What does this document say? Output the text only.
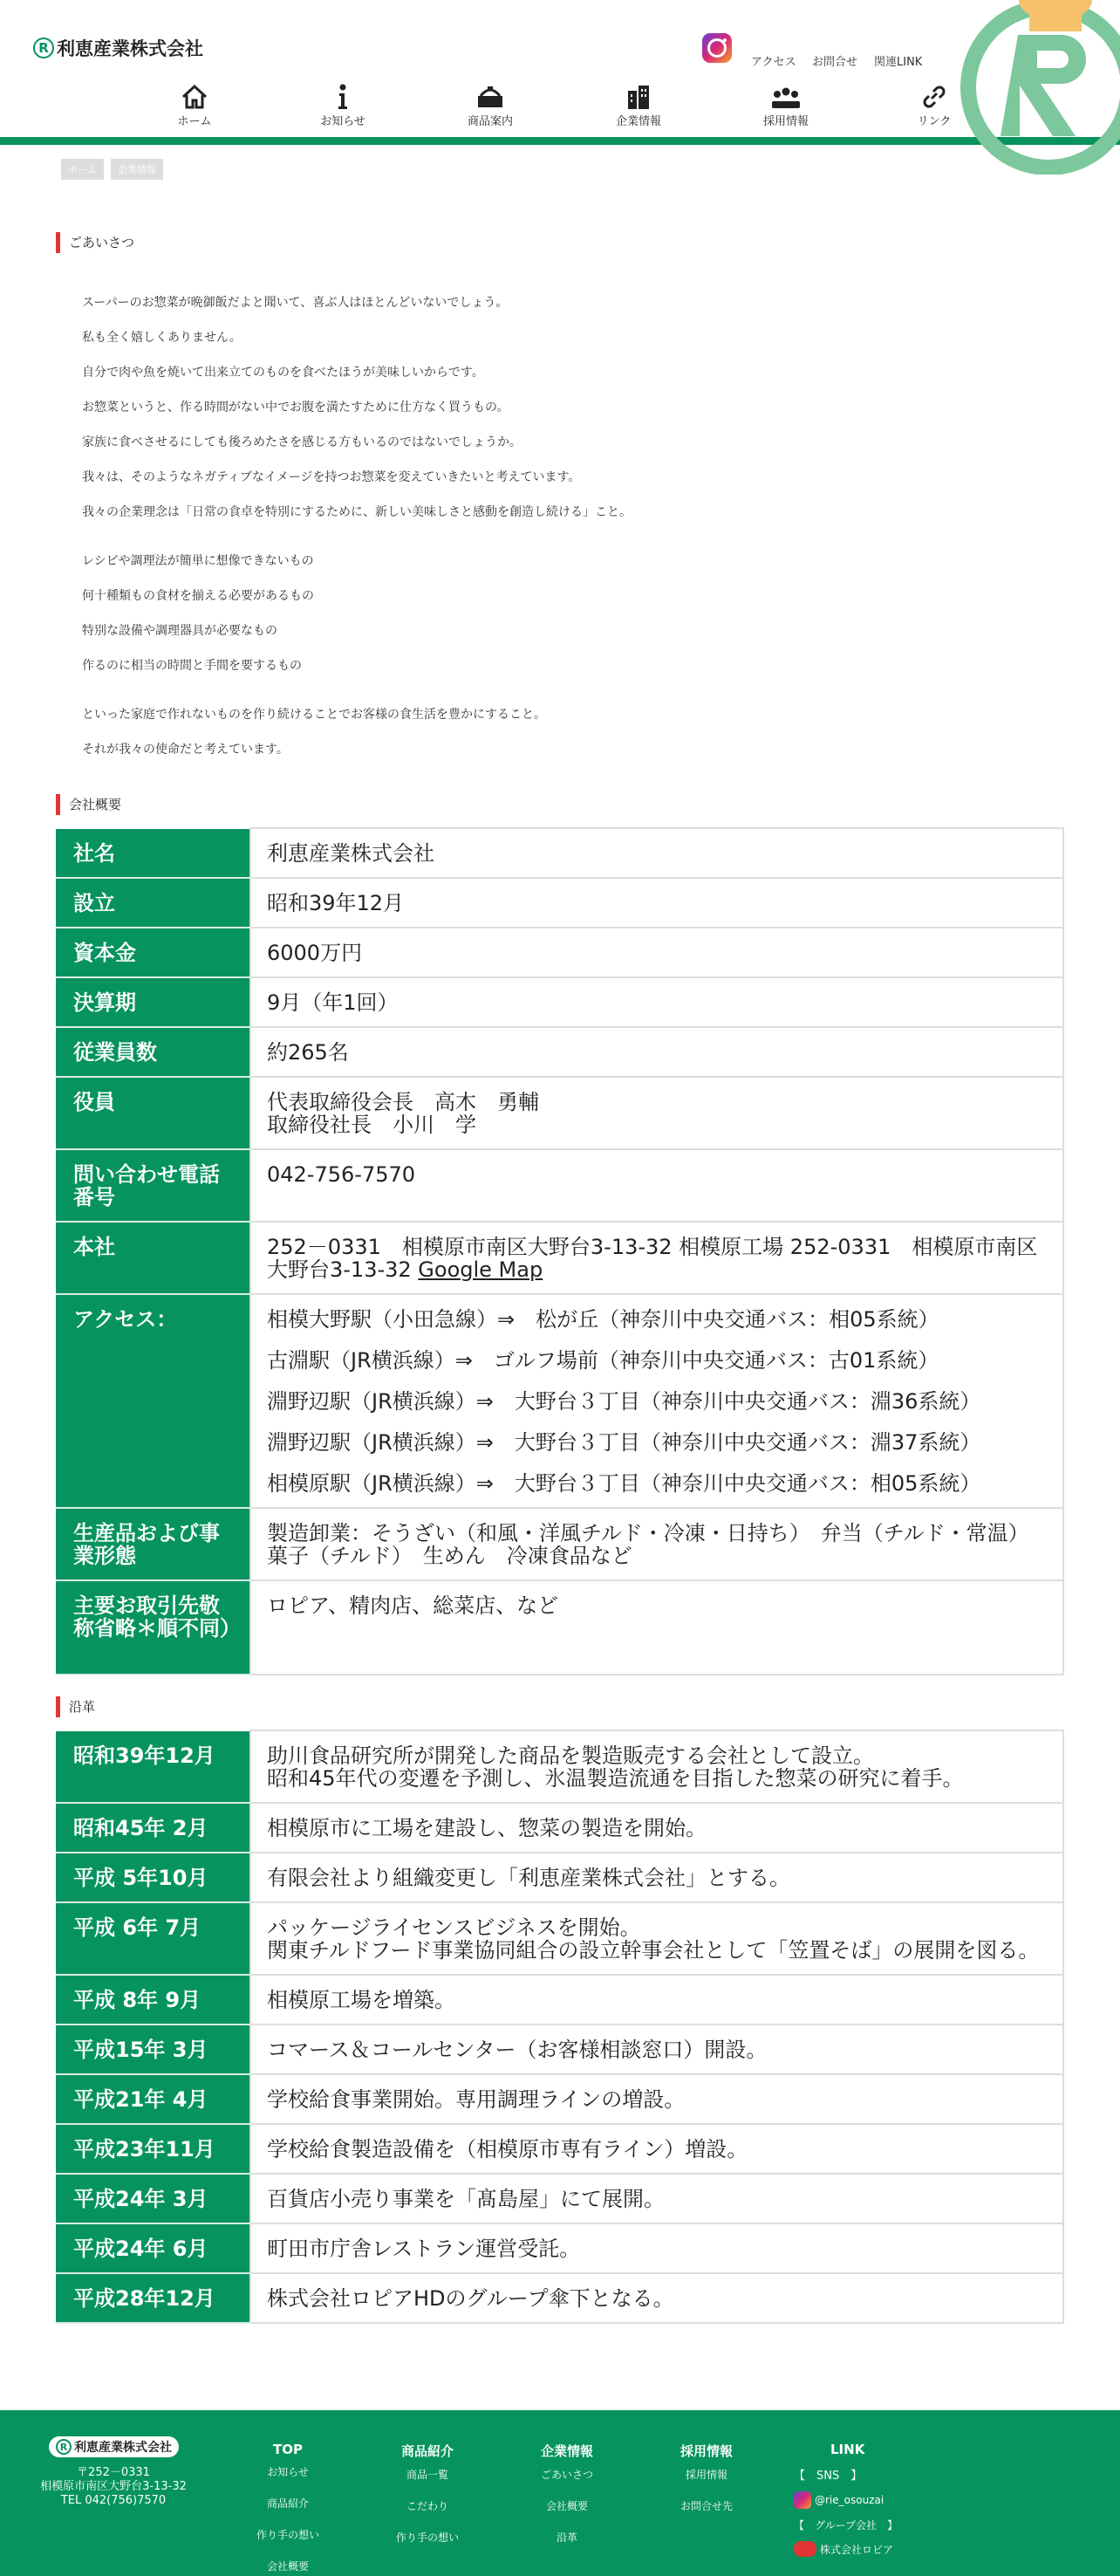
R 利恵産業株式会社
アクセス お問合せ 関連LINK
ホーム	お知らせ	商品案内	企業情報	採用情報	リンク
ホーム	企業情報
ごあいさつ
スーパーのお惣菜が晩御飯だよと聞いて、喜ぶ人はほとんどいないでしょう。
私も全く嬉しくありません。
自分で肉や魚を焼いて出来立てのものを食べたほうが美味しいからです。
お惣菜というと、作る時間がない中でお腹を満たすために仕方なく買うもの。
家族に食べさせるにしても後ろめたさを感じる方もいるのではないでしょうか。
我々は、そのようなネガティブなイメージを持つお惣菜を変えていきたいと考えています。
我々の企業理念は「日常の食卓を特別にするために、新しい美味しさと感動を創造し続ける」こと。
レシピや調理法が簡単に想像できないもの
何十種類もの食材を揃える必要があるもの
特別な設備や調理器具が必要なもの
作るのに相当の時間と手間を要するもの
といった家庭で作れないものを作り続けることでお客様の食生活を豊かにすること。
それが我々の使命だと考えています。
会社概要
社名	利恵産業株式会社
設立	昭和39年12月
資本金	6000万円
決算期	9月（年1回）
従業員数	約265名
役員	代表取締役会長　高木　勇輔
取締役社長　小川　学

問い合わせ電話番号	042-756-7570
本社	252－0331　相模原市南区大野台3-13-32 相模原工場 252-0331　相模原市南区大野台3-13-32 Google Map
アクセス：	相模大野駅（小田急線）⇒　松が丘（神奈川中央交通バス：相05系統）
古淵駅（JR横浜線）⇒　ゴルフ場前（神奈川中央交通バス：古01系統）
淵野辺駅（JR横浜線）⇒　大野台３丁目（神奈川中央交通バス：淵36系統）
淵野辺駅（JR横浜線）⇒　大野台３丁目（神奈川中央交通バス：淵37系統）
相模原駅（JR横浜線）⇒　大野台３丁目（神奈川中央交通バス：相05系統）

生産品および事業形態	製造卸業：そうざい（和風・洋風チルド・冷凍・日持ち）　弁当（チルド・常温）　菓子（チルド）　生めん　冷凍食品など
主要お取引先敬称省略＊順不同）	ロピア、精肉店、総菜店、など
沿革
昭和39年12月	助川食品研究所が開発した商品を製造販売する会社として設立。
昭和45年代の変遷を予測し、氷温製造流通を目指した惣菜の研究に着手。

昭和45年 2月	相模原市に工場を建設し、惣菜の製造を開始。
平成 5年10月	有限会社より組織変更し「利恵産業株式会社」とする。
平成 6年 7月	パッケージライセンスビジネスを開始。
関東チルドフード事業協同組合の設立幹事会社として「笠置そば」の展開を図る。

平成 8年 9月	相模原工場を増築。
平成15年 3月	コマース＆コールセンター（お客様相談窓口）開設。
平成21年 4月	学校給食事業開始。専用調理ラインの増設。
平成23年11月	学校給食製造設備を（相模原市専有ライン）増設。
平成24年 3月	百貨店小売り事業を「髙島屋」にて展開。
平成24年 6月	町田市庁舎レストラン運営受託。
平成28年12月	株式会社ロピアHDのグループ傘下となる。
R 利恵産業株式会社
〒252－0331
相模原市南区大野台3-13-32
TEL 042(756)7570
TOP
お知らせ
商品紹介
作り手の想い
会社概要
商品紹介
商品一覧
こだわり
作り手の想い
企業情報
ごあいさつ
会社概要
沿革
採用情報
採用情報
お問合せ先
LINK
【　SNS　】
@rie_osouzai
【　グループ会社　】
株式会社ロピア
